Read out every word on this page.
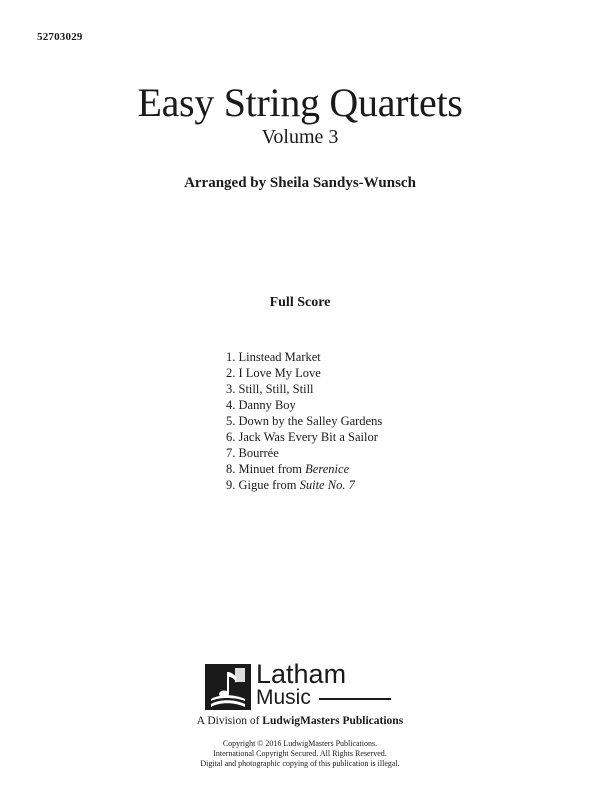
52703029
Easy String Quartets
Volume 3
Arranged by Sheila Sandys-Wunsch
Full Score
1. Linstead Market
2. I Love My Love
3. Still, Still, Still
4. Danny Boy
5. Down by the Salley Gardens
6. Jack Was Every Bit a Sailor
7. Bourrée
8. Minuet from Berenice
9. Gigue from Suite No. 7
Latham
Music
A Division of LudwigMasters Publications
Copyright © 2016 LudwigMasters Publications.
International Copyright Secured. All Rights Reserved.
Digital and photographic copying of this publication is illegal.
